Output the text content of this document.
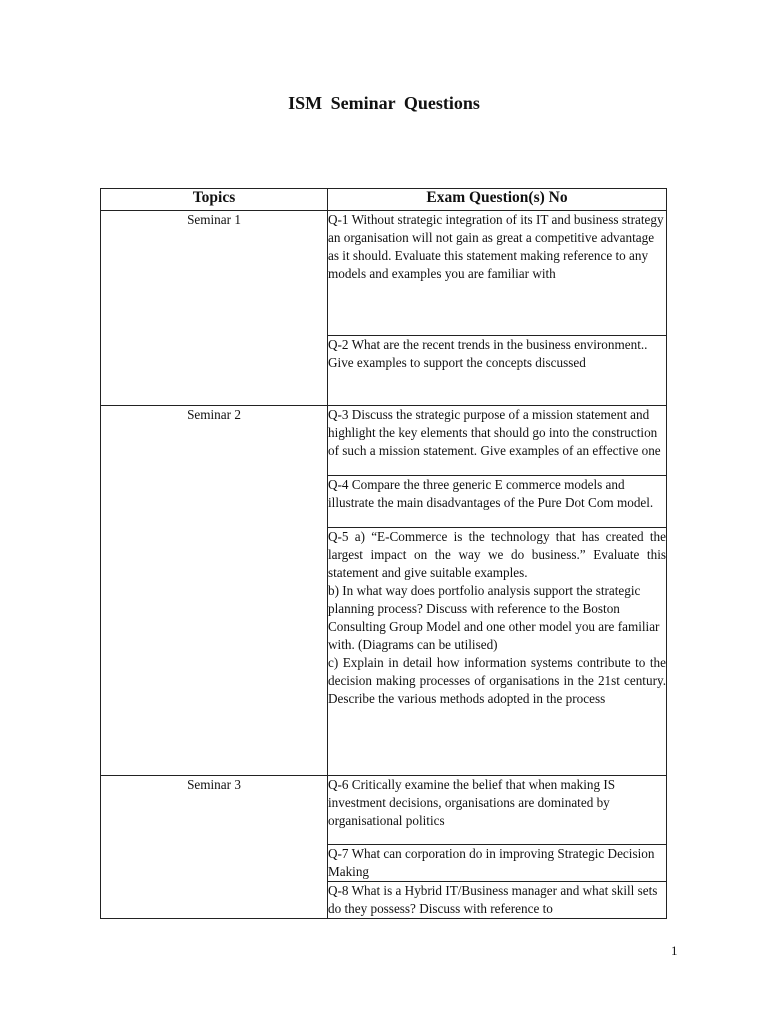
ISM Seminar Questions
Topics	Exam Question(s) No
Seminar 1	Q-1 Without strategic integration of its IT and business strategy an organisation will not gain as great a competitive advantage as it should. Evaluate this statement making reference to any models and examples you are familiar with
	Q-2 What are the recent trends in the business environment.. Give examples to support the concepts discussed
Seminar 2	Q-3 Discuss the strategic purpose of a mission statement and highlight the key elements that should go into the construction of such a mission statement. Give examples of an effective one
	Q-4 Compare the three generic E commerce models and illustrate the main disadvantages of the Pure Dot Com model.

	Q-5 a) “E-Commerce is the technology that has created the largest impact on the way we do business.” Evaluate this statement and give suitable examples.
b) In what way does portfolio analysis support the strategic planning process? Discuss with reference to the Boston Consulting Group Model and one other model you are familiar with. (Diagrams can be utilised)
c) Explain in detail how information systems contribute to the decision making processes of organisations in the 21st century. Describe the various methods adopted in the process

Seminar 3	Q-6 Critically examine the belief that when making IS investment decisions, organisations are dominated by organisational politics
	Q-7 What can corporation do in improving Strategic Decision Making
	Q-8 What is a Hybrid IT/Business manager and what skill sets do they possess? Discuss with reference to
1
